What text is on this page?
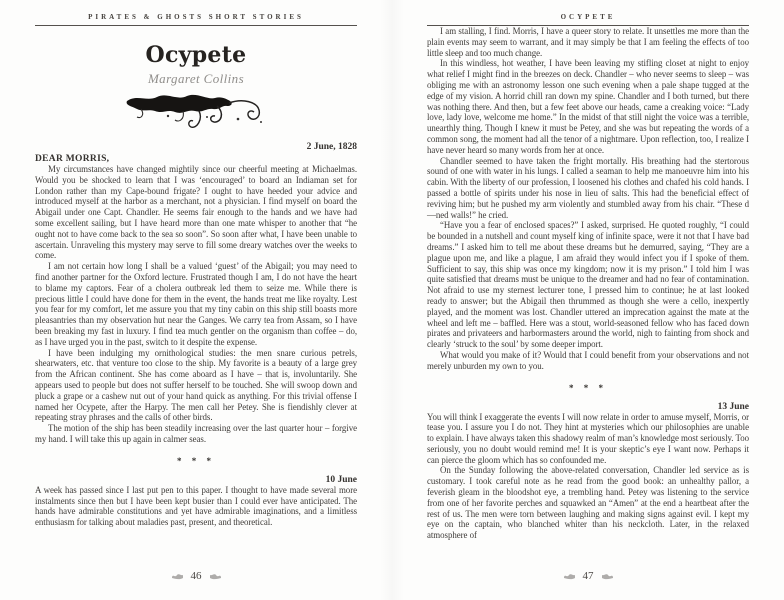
PIRATES & GHOSTS SHORT STORIES
Ocypete
Margaret Collins
2 June, 1828
DEAR MORRIS,

My circumstances have changed mightily since our cheerful meeting at Michaelmas. Would you be shocked to learn that I was ‘encouraged’ to board an Indiaman set for London rather than my Cape-bound frigate? I ought to have heeded your advice and introduced myself at the harbor as a merchant, not a physician. I find myself on board the Abigail under one Capt. Chandler. He seems fair enough to the hands and we have had some excellent sailing, but I have heard more than one mate whisper to another that “he ought not to have come back to the sea so soon”. So soon after what, I have been unable to ascertain. Unraveling this mystery may serve to fill some dreary watches over the weeks to come.

I am not certain how long I shall be a valued ‘guest’ of the Abigail; you may need to find another partner for the Oxford lecture. Frustrated though I am, I do not have the heart to blame my captors. Fear of a cholera outbreak led them to seize me. While there is precious little I could have done for them in the event, the hands treat me like royalty. Lest you fear for my comfort, let me assure you that my tiny cabin on this ship still boasts more pleasantries than my observation hut near the Ganges. We carry tea from Assam, so I have been breaking my fast in luxury. I find tea much gentler on the organism than coffee – do, as I have urged you in the past, switch to it despite the expense.

I have been indulging my ornithological studies: the men snare curious petrels, shearwaters, etc. that venture too close to the ship. My favorite is a beauty of a large grey from the African continent. She has come aboard as I have – that is, involuntarily. She appears used to people but does not suffer herself to be touched. She will swoop down and pluck a grape or a cashew nut out of your hand quick as anything. For this trivial offense I named her Ocypete, after the Harpy. The men call her Petey. She is fiendishly clever at repeating stray phrases and the calls of other birds.

The motion of the ship has been steadily increasing over the last quarter hour – forgive my hand. I will take this up again in calmer seas.

* * *
10 June

A week has passed since I last put pen to this paper. I thought to have made several more instalments since then but I have been kept busier than I could ever have anticipated. The hands have admirable constitutions and yet have admirable imaginations, and a limitless enthusiasm for talking about maladies past, present, and theoretical.

46
OCYPETE

I am stalling, I find. Morris, I have a queer story to relate. It unsettles me more than the plain events may seem to warrant, and it may simply be that I am feeling the effects of too little sleep and too much change.

In this windless, hot weather, I have been leaving my stifling closet at night to enjoy what relief I might find in the breezes on deck. Chandler – who never seems to sleep – was obliging me with an astronomy lesson one such evening when a pale shape tugged at the edge of my vision. A horrid chill ran down my spine. Chandler and I both turned, but there was nothing there. And then, but a few feet above our heads, came a creaking voice: “Lady love, lady love, welcome me home.” In the midst of that still night the voice was a terrible, unearthly thing. Though I knew it must be Petey, and she was but repeating the words of a common song, the moment had all the tenor of a nightmare. Upon reflection, too, I realize I have never heard so many words from her at once.

Chandler seemed to have taken the fright mortally. His breathing had the stertorous sound of one with water in his lungs. I called a seaman to help me manoeuvre him into his cabin. With the liberty of our profession, I loosened his clothes and chafed his cold hands. I passed a bottle of spirits under his nose in lieu of salts. This had the beneficial effect of reviving him; but he pushed my arm violently and stumbled away from his chair. “These d—ned walls!” he cried.

“Have you a fear of enclosed spaces?” I asked, surprised. He quoted roughly, “I could be bounded in a nutshell and count myself king of infinite space, were it not that I have bad dreams.” I asked him to tell me about these dreams but he demurred, saying, “They are a plague upon me, and like a plague, I am afraid they would infect you if I spoke of them. Sufficient to say, this ship was once my kingdom; now it is my prison.” I told him I was quite satisfied that dreams must be unique to the dreamer and had no fear of contamination. Not afraid to use my sternest lecturer tone, I pressed him to continue; he at last looked ready to answer; but the Abigail then thrummed as though she were a cello, inexpertly played, and the moment was lost. Chandler uttered an imprecation against the mate at the wheel and left me – baffled. Here was a stout, world-seasoned fellow who has faced down pirates and privateers and harbormasters around the world, nigh to fainting from shock and clearly ‘struck to the soul’ by some deeper import.

What would you make of it? Would that I could benefit from your observations and not merely unburden my own to you.

* * *
13 June

You will think I exaggerate the events I will now relate in order to amuse myself, Morris, or tease you. I assure you I do not. They hint at mysteries which our philosophies are unable to explain. I have always taken this shadowy realm of man’s knowledge most seriously. Too seriously, you no doubt would remind me! It is your skeptic’s eye I want now. Perhaps it can pierce the gloom which has so confounded me.

On the Sunday following the above-related conversation, Chandler led service as is customary. I took careful note as he read from the good book: an unhealthy pallor, a feverish gleam in the bloodshot eye, a trembling hand. Petey was listening to the service from one of her favorite perches and squawked an “Amen” at the end a heartbeat after the rest of us. The men were torn between laughing and making signs against evil. I kept my eye on the captain, who blanched whiter than his neckcloth. Later, in the relaxed atmosphere of

47
